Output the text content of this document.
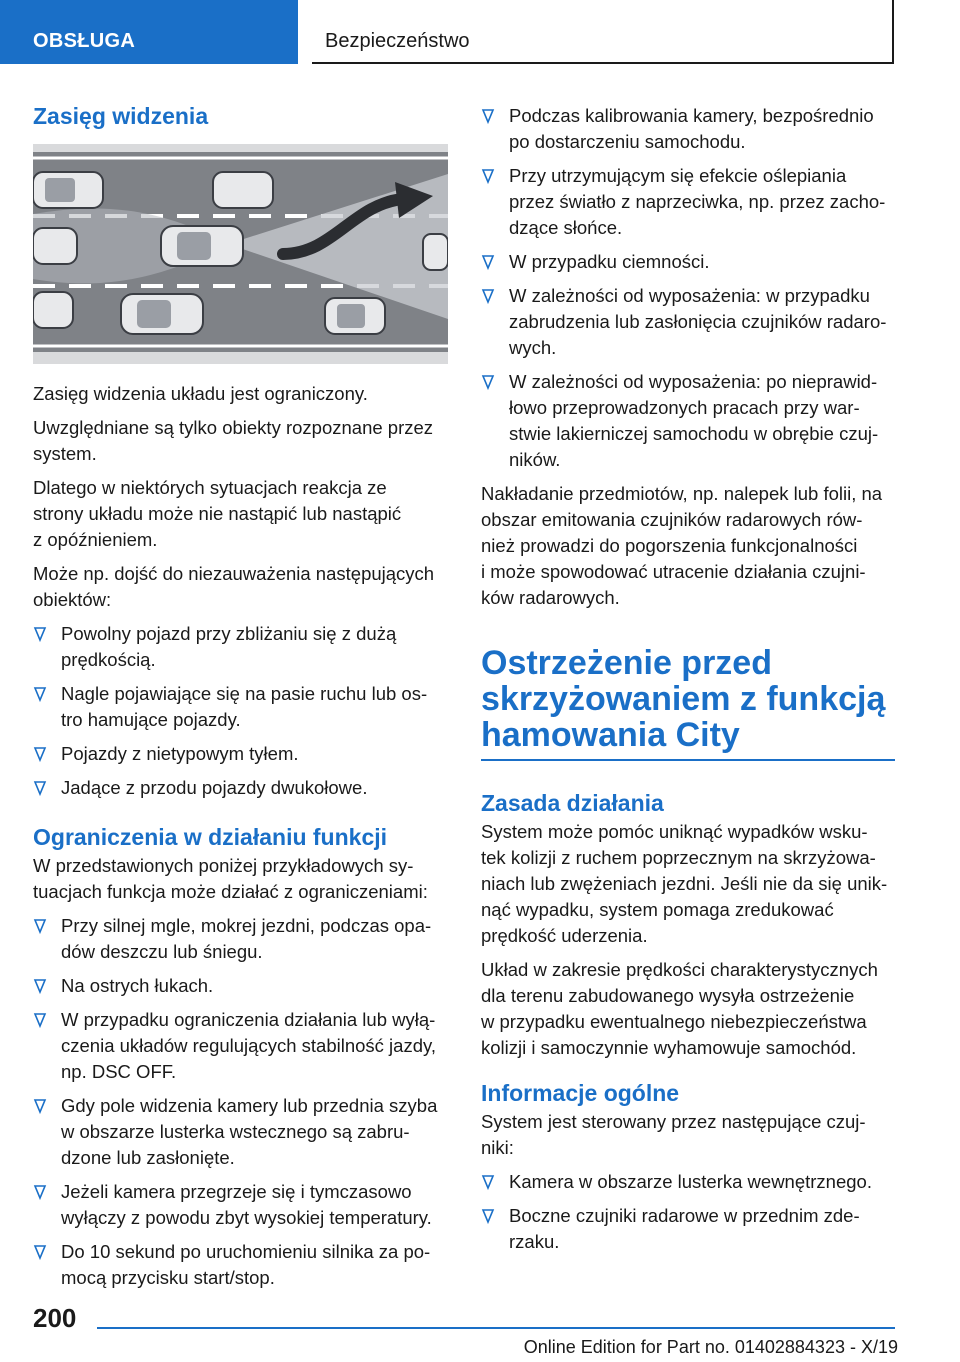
OBSŁUGA	Bezpieczeństwo
Zasięg widzenia

Zasięg widzenia układu jest ograniczony.

Uwzględniane są tylko obiekty rozpoznane przez

system.

Dlatego w niektórych sytuacjach reakcja ze

strony układu może nie nastąpić lub nastąpić

z opóźnieniem.

Może np. dojść do niezauważenia następujących

obiektów:

Powolny pojazd przy zbliżaniu się z dużą
prędkością.
Nagle pojawiające się na pasie ruchu lub os-
tro hamujące pojazdy.
Pojazdy z nietypowym tyłem.
Jadące z przodu pojazdy dwukołowe.
Ograniczenia w działaniu funkcji

W przedstawionych poniżej przykładowych sy-

tuacjach funkcja może działać z ograniczeniami:

Przy silnej mgle, mokrej jezdni, podczas opa-
dów deszczu lub śniegu.
Na ostrych łukach.
W przypadku ograniczenia działania lub wyłą-
czenia układów regulujących stabilność jazdy,
np. DSC OFF.
Gdy pole widzenia kamery lub przednia szyba
w obszarze lusterka wstecznego są zabru-
dzone lub zasłonięte.
Jeżeli kamera przegrzeje się i tymczasowo
wyłączy z powodu zbyt wysokiej temperatury.
Do 10 sekund po uruchomieniu silnika za po-
mocą przycisku start/stop.
Podczas kalibrowania kamery, bezpośrednio
po dostarczeniu samochodu.
Przy utrzymującym się efekcie oślepiania
przez światło z naprzeciwka, np. przez zacho-
dzące słońce.
W przypadku ciemności.
W zależności od wyposażenia: w przypadku
zabrudzenia lub zasłonięcia czujników radaro-
wych.
W zależności od wyposażenia: po nieprawid-
łowo przeprowadzonych pracach przy war-
stwie lakierniczej samochodu w obrębie czuj-
ników.

Nakładanie przedmiotów, np. nalepek lub folii, na

obszar emitowania czujników radarowych rów-

nież prowadzi do pogorszenia funkcjonalności

i może spowodować utracenie działania czujni-

ków radarowych.

Ostrzeżenie przed
skrzyżowaniem z funkcją
hamowania City
Zasada działania

System może pomóc uniknąć wypadków wsku-

tek kolizji z ruchem poprzecznym na skrzyżowa-

niach lub zwężeniach jezdni. Jeśli nie da się unik-

nąć wypadku, system pomaga zredukować

prędkość uderzenia.

Układ w zakresie prędkości charakterystycznych

dla terenu zabudowanego wysyła ostrzeżenie

w przypadku ewentualnego niebezpieczeństwa

kolizji i samoczynnie wyhamowuje samochód.

Informacje ogólne

System jest sterowany przez następujące czuj-

niki:

Kamera w obszarze lusterka wewnętrznego.
Boczne czujniki radarowe w przednim zde-
rzaku.
200
Online Edition for Part no. 01402884323 - X/19
